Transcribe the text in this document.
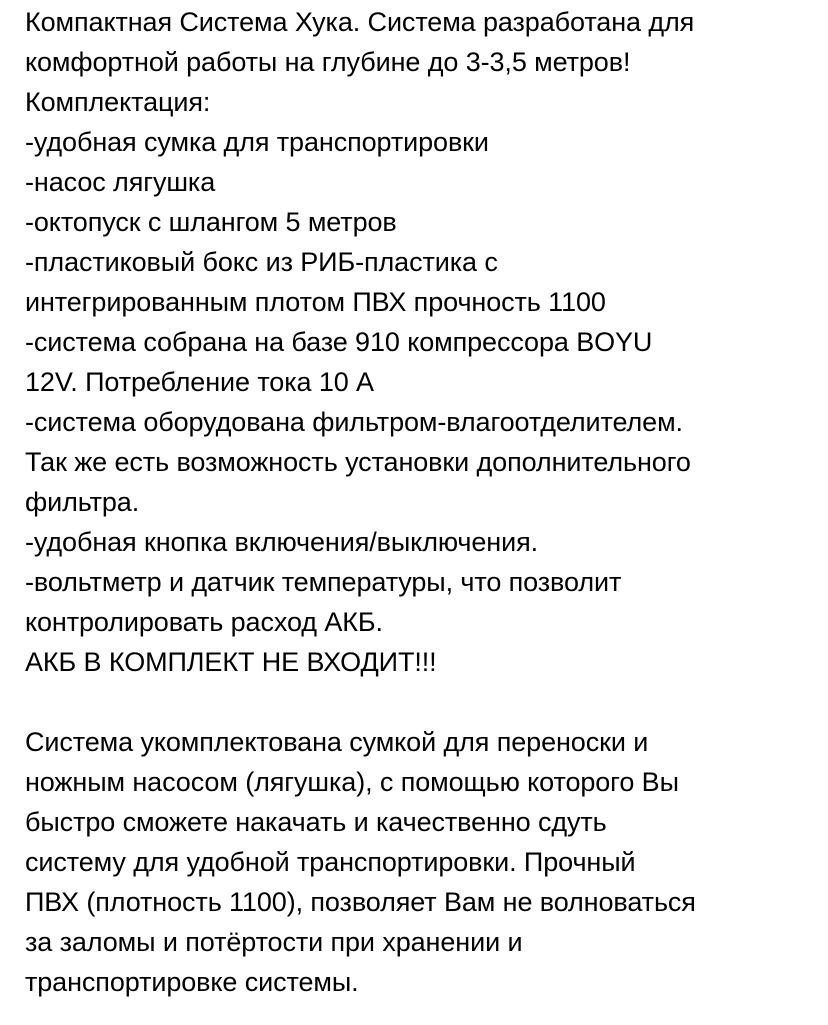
Компактная Система Хука. Система разработана для
комфортной работы на глубине до 3-3,5 метров!
Комплектация:
-удобная сумка для транспортировки
-насос лягушка
-октопуск с шлангом 5 метров
-пластиковый бокс из РИБ-пластика с
интегрированным плотом ПВХ прочность 1100
-система собрана на базе 910 компрессора BOYU
12V. Потребление тока 10 А
-система оборудована фильтром-влагоотделителем.
Так же есть возможность установки дополнительного
фильтра.
-удобная кнопка включения/выключения.
-вольтметр и датчик температуры, что позволит
контролировать расход АКБ.
АКБ В КОМПЛЕКТ НЕ ВХОДИТ!!!
Система укомплектована сумкой для переноски и
ножным насосом (лягушка), с помощью которого Вы
быстро сможете накачать и качественно сдуть
систему для удобной транспортировки. Прочный
ПВХ (плотность 1100), позволяет Вам не волноваться
за заломы и потёртости при хранении и
транспортировке системы.
